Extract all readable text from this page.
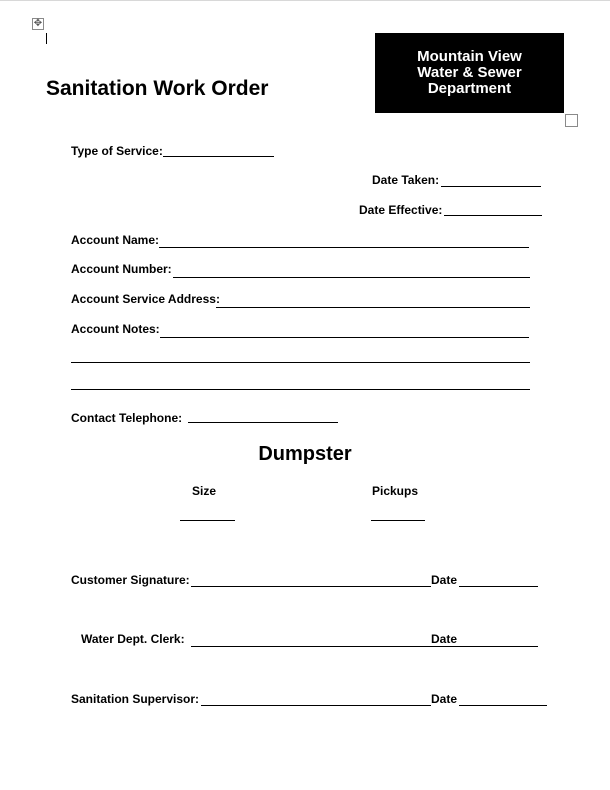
✥
Sanitation Work Order
Mountain View
Water & Sewer
Department
Type of Service:
Date Taken:
Date Effective:
Account Name:
Account Number:
Account Service Address:
Account Notes:
Contact Telephone:
Dumpster
Size	Pickups
Customer Signature:	Date
Water Dept. Clerk:	Date
Sanitation Supervisor:	Date
